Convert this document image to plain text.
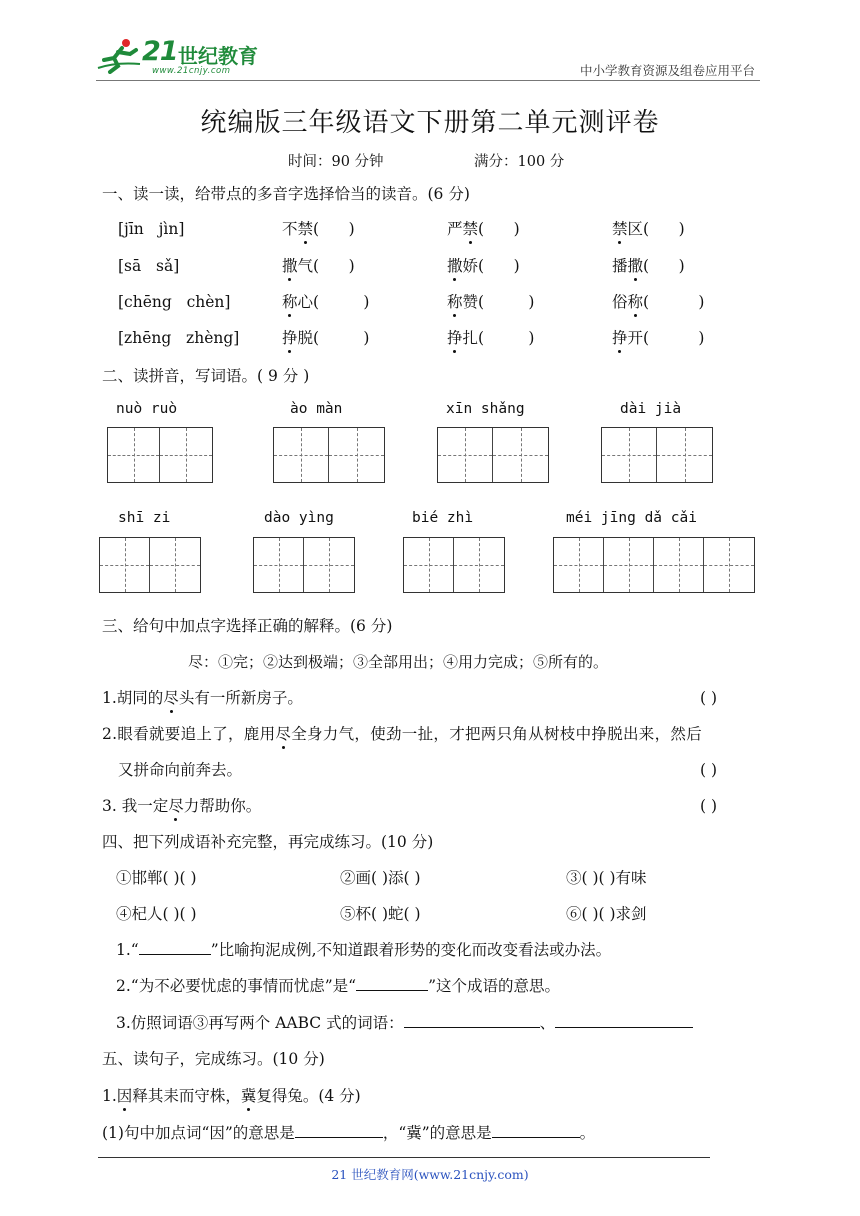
21 世纪教育
www.21cnjy.com	中小学教育资源及组卷应用平台
统编版三年级语文下册第二单元测评卷
时间：90 分钟	满分：100 分
一、读一读，给带点的多音字选择恰当的读音。(6 分)
[jīn   jìn]	不禁(      )	严禁(      )	禁区(      )
[sā   sǎ]	撒气(      )	撒娇(      )	播撒(      )
[chēng   chèn]	称心(         )	称赞(         )	俗称(          )
[zhēng   zhèng]	挣脱(         )	挣扎(         )	挣开(          )
二、读拼音，写词语。( 9 分 )
nuò ruò	ào màn	xīn shǎng	dài jià
shī zi	dào yìng	bié zhì	méi jīng dǎ cǎi
三、给句中加点字选择正确的解释。(6 分)
尽：①完；②达到极端；③全部用出；④用力完成；⑤所有的。
1.胡同的尽头有一所新房子。	( )
2.眼看就要追上了，鹿用尽全身力气，使劲一扯，才把两只角从树枝中挣脱出来，然后
又拼命向前奔去。	( )
3. 我一定尽力帮助你。	( )
四、把下列成语补充完整，再完成练习。(10 分)
①邯郸( )( )	②画( )添( )	③( )( )有味
④杞人( )( )	⑤杯( )蛇( )	⑥( )( )求剑
1.“	”比喻拘泥成例,不知道跟着形势的变化而改变看法或办法。
2.“为不必要忧虑的事情而忧虑”是“	”这个成语的意思。
3.仿照词语③再写两个 AABC 式的词语：	、
五、读句子，完成练习。(10 分)
1.因释其耒而守株，冀复得兔。(4 分)
(1)句中加点词“因”的意思是	，“冀”的意思是	。
21 世纪教育网(www.21cnjy.com)
